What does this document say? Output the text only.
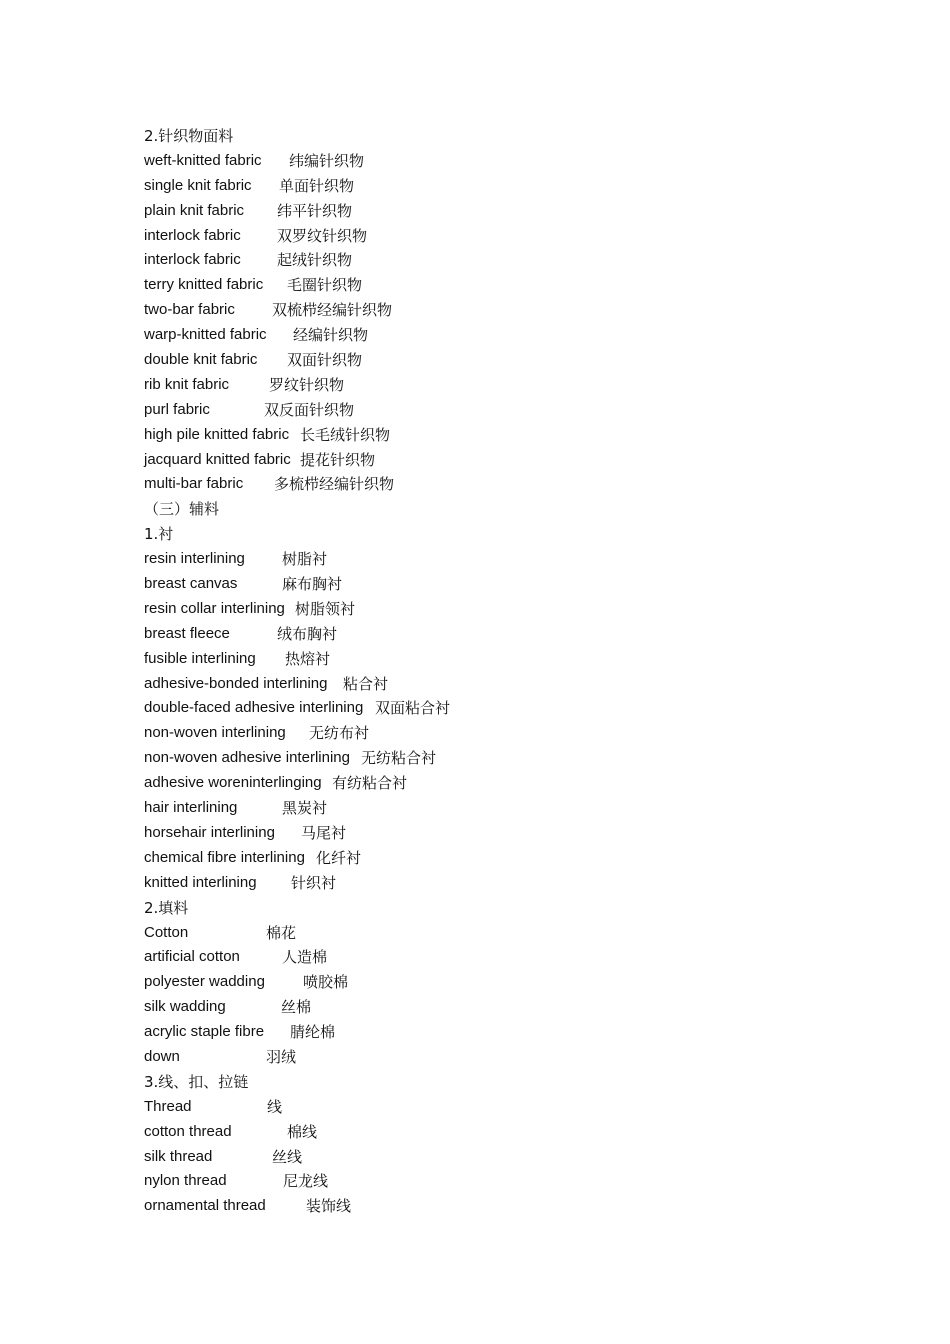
2.针织物面料
weft-knitted fabric 纬编针织物
single knit fabric 单面针织物
plain knit fabric 纬平针织物
interlock fabric 双罗纹针织物
interlock fabric 起绒针织物
terry knitted fabric 毛圈针织物
two-bar fabric 双梳栉经编针织物
warp-knitted fabric 经编针织物
double knit fabric 双面针织物
rib knit fabric	罗纹针织物
purl fabric	双反面针织物
high pile knitted fabric 长毛绒针织物
jacquard knitted fabric 提花针织物
multi-bar fabric 多梳栉经编针织物
（三）辅料
1.衬
resin interlining 树脂衬
breast canvas	麻布胸衬
resin collar interlining 树脂领衬
breast fleece	绒布胸衬
fusible interlining 热熔衬
adhesive-bonded interlining 粘合衬
double-faced adhesive interlining 双面粘合衬
non-woven interlining 无纺布衬
non-woven adhesive interlining 无纺粘合衬
adhesive woreninterlinging 有纺粘合衬
hair interlining	黑炭衬
horsehair interlining 马尾衬
chemical fibre interlining 化纤衬
knitted interlining 针织衬
2.填料
Cotton	棉花
artificial cotton	人造棉
polyester wadding	喷胶棉
silk wadding	丝棉
acrylic staple fibre 腈纶棉
down	羽绒
3.线、扣、拉链
Thread	线
cotton thread	棉线
silk thread	丝线
nylon thread	尼龙线
ornamental thread	装饰线
